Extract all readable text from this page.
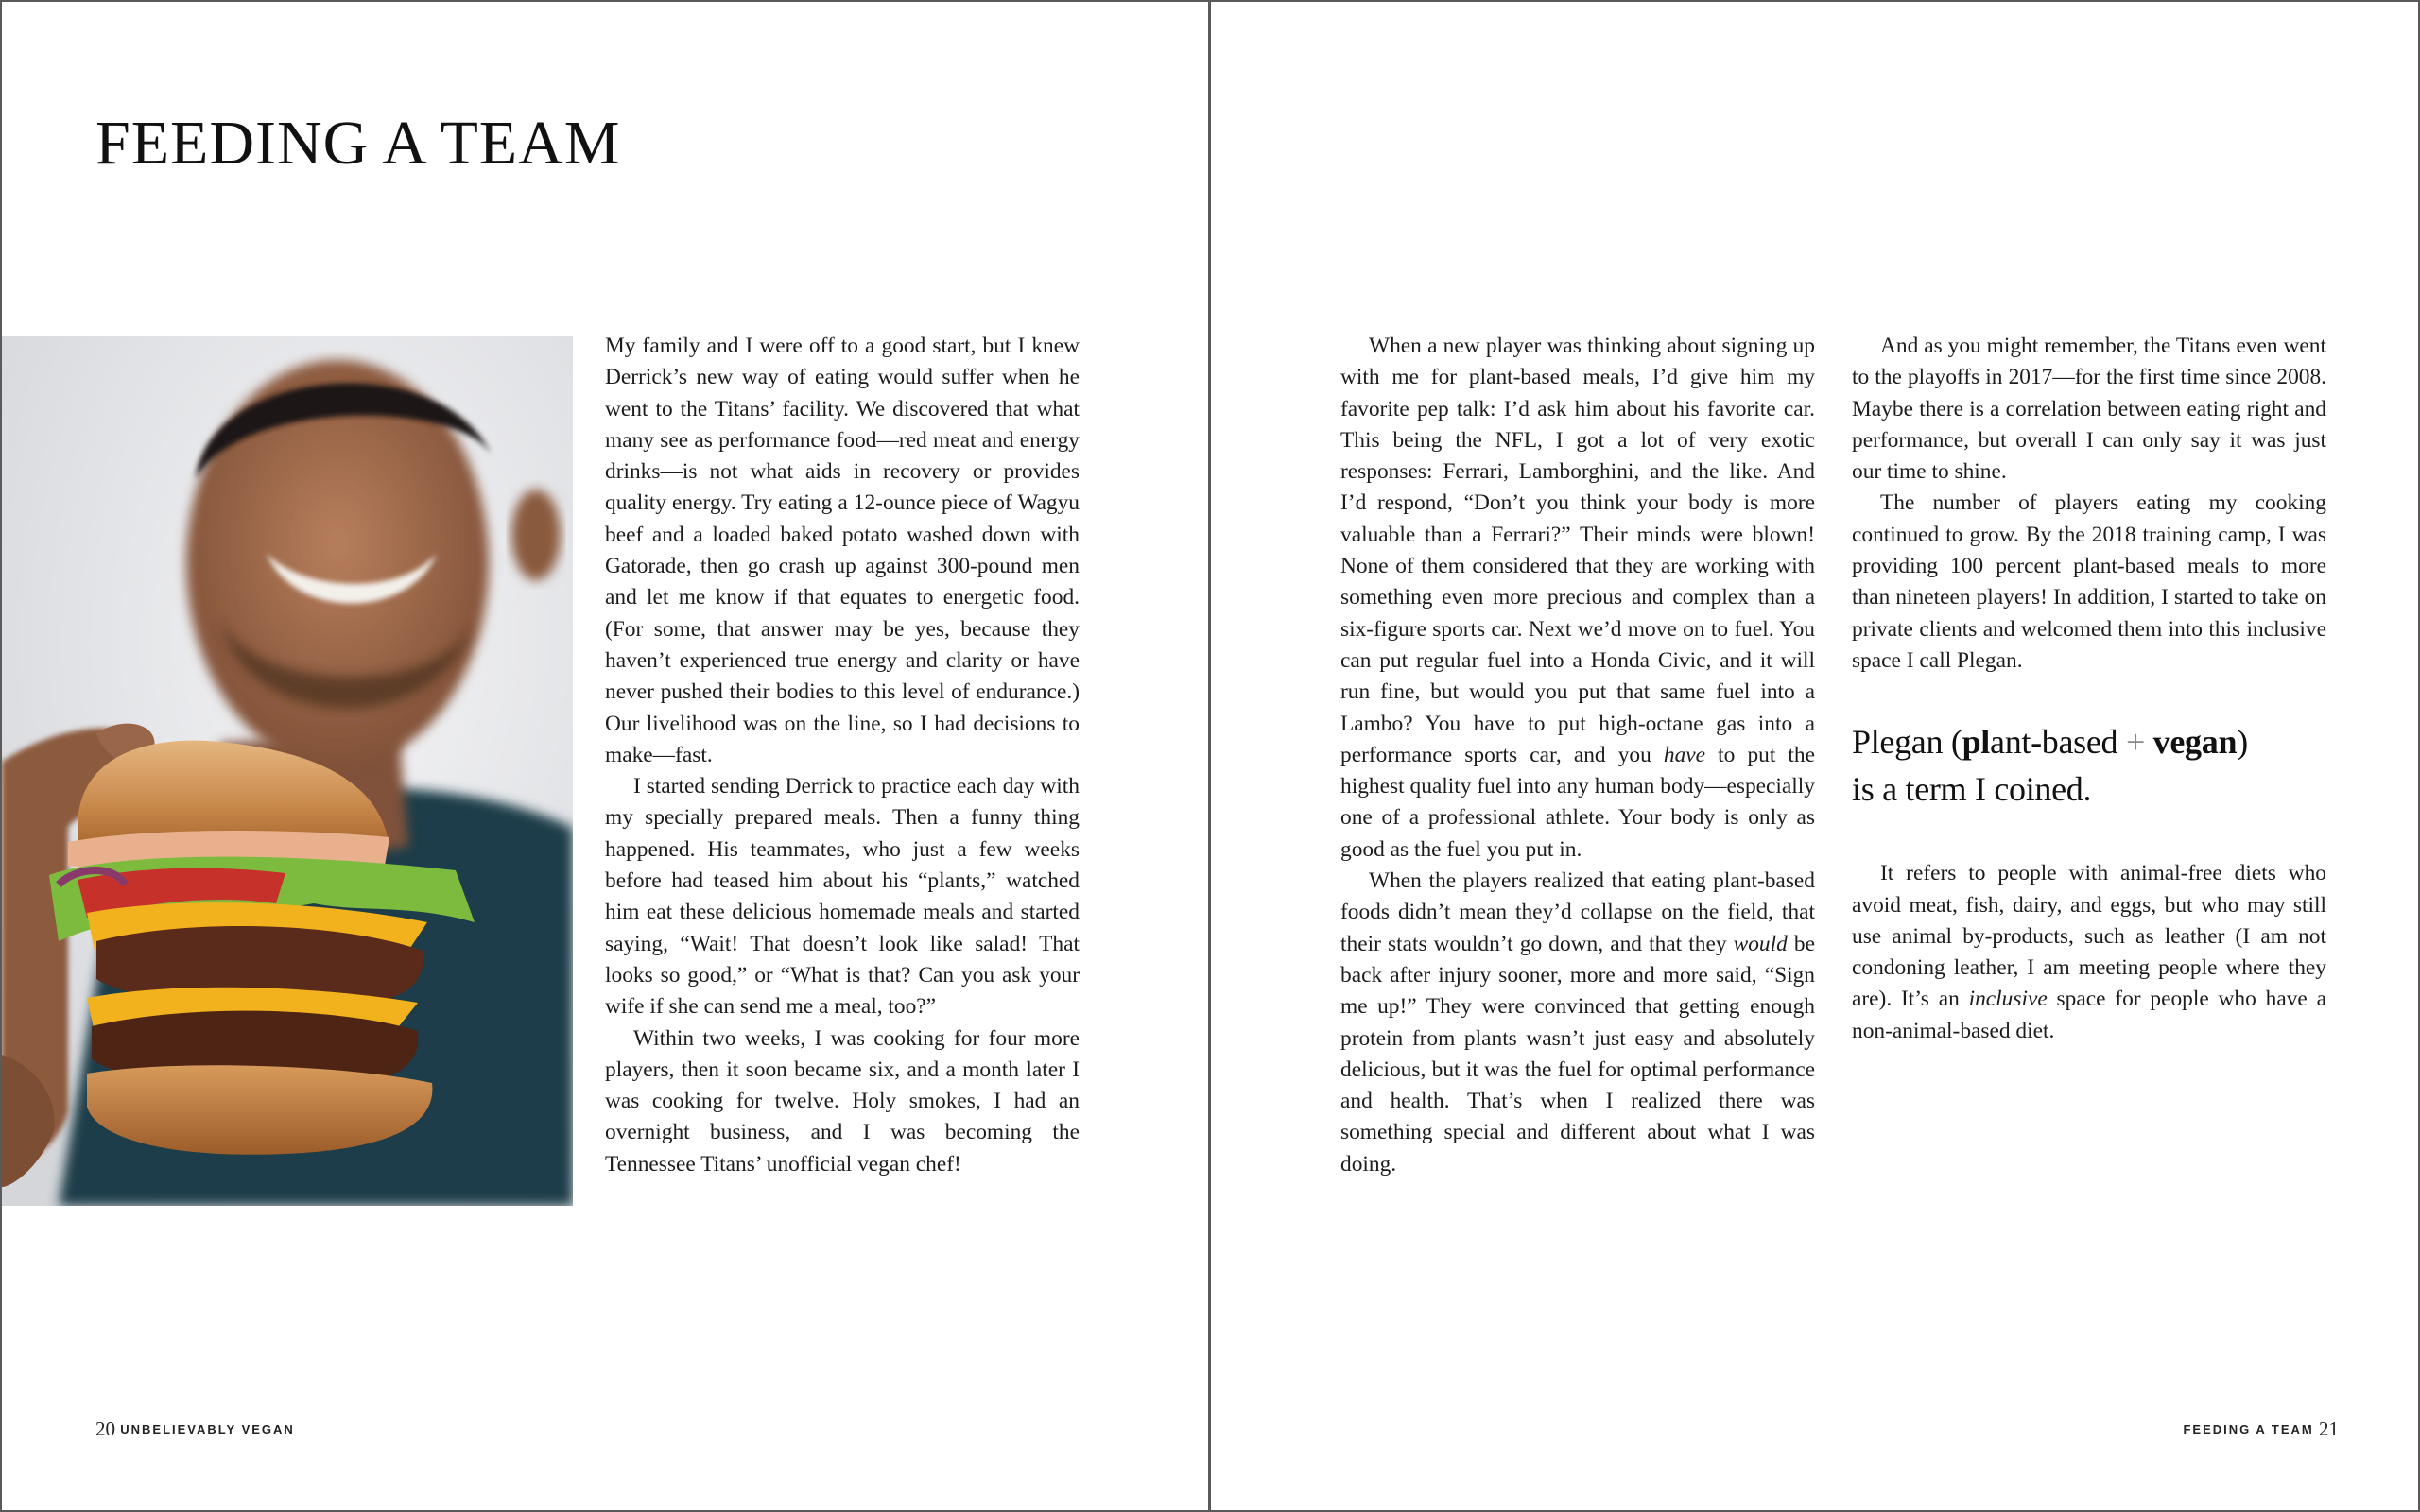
FEEDING A TEAM

My family and I were off to a good start, but I knew Derrick’s new way of eating would suffer when he went to the Titans’ facility. We discovered that what many see as performance food—red meat and energy drinks—is not what aids in recovery or provides quality energy. Try eating a 12-ounce piece of Wagyu beef and a loaded baked potato washed down with Gatorade, then go crash up against 300-pound men and let me know if that equates to energetic food. (For some, that answer may be yes, because they haven’t experienced true energy and clarity or have never pushed their bodies to this level of endurance.) Our livelihood was on the line, so I had decisions to make—fast.

I started sending Derrick to practice each day with my specially prepared meals. Then a funny thing happened. His teammates, who just a few weeks before had teased him about his “plants,” watched him eat these delicious homemade meals and started saying, “Wait! That doesn’t look like salad! That looks so good,” or “What is that? Can you ask your wife if she can send me a meal, too?”

Within two weeks, I was cooking for four more players, then it soon became six, and a month later I was cooking for twelve. Holy smokes, I had an overnight business, and I was becoming the Tennessee Titans’ unofficial vegan chef!

When a new player was thinking about signing up with me for plant-based meals, I’d give him my favorite pep talk: I’d ask him about his favorite car. This being the NFL, I got a lot of very exotic responses: Ferrari, Lamborghini, and the like. And I’d respond, “Don’t you think your body is more valuable than a Ferrari?” Their minds were blown! None of them considered that they are working with something even more precious and complex than a six-figure sports car. Next we’d move on to fuel. You can put regular fuel into a Honda Civic, and it will run fine, but would you put that same fuel into a Lambo? You have to put high-octane gas into a performance sports car, and you have to put the highest quality fuel into any human body—especially one of a professional athlete. Your body is only as good as the fuel you put in.

When the players realized that eating plant-based foods didn’t mean they’d collapse on the field, that their stats wouldn’t go down, and that they would be back after injury sooner, more and more said, “Sign me up!” They were convinced that getting enough protein from plants wasn’t just easy and absolutely delicious, but it was the fuel for optimal performance and health. That’s when I realized there was something special and different about what I was doing.

And as you might remember, the Titans even went to the playoffs in 2017—for the first time since 2008. Maybe there is a correlation between eating right and performance, but overall I can only say it was just our time to shine.

The number of players eating my cooking continued to grow. By the 2018 training camp, I was providing 100 percent plant-based meals to more than nineteen players! In addition, I started to take on private clients and welcomed them into this inclusive space I call Plegan.

Plegan (plant-based + vegan)
is a term I coined.

It refers to people with animal-free diets who avoid meat, fish, dairy, and eggs, but who may still use animal by-products, such as leather (I am not condoning leather, I am meeting people where they are). It’s an inclusive space for people who have a non-animal-based diet.

20 UNBELIEVABLY VEGAN	FEEDING A TEAM 21
